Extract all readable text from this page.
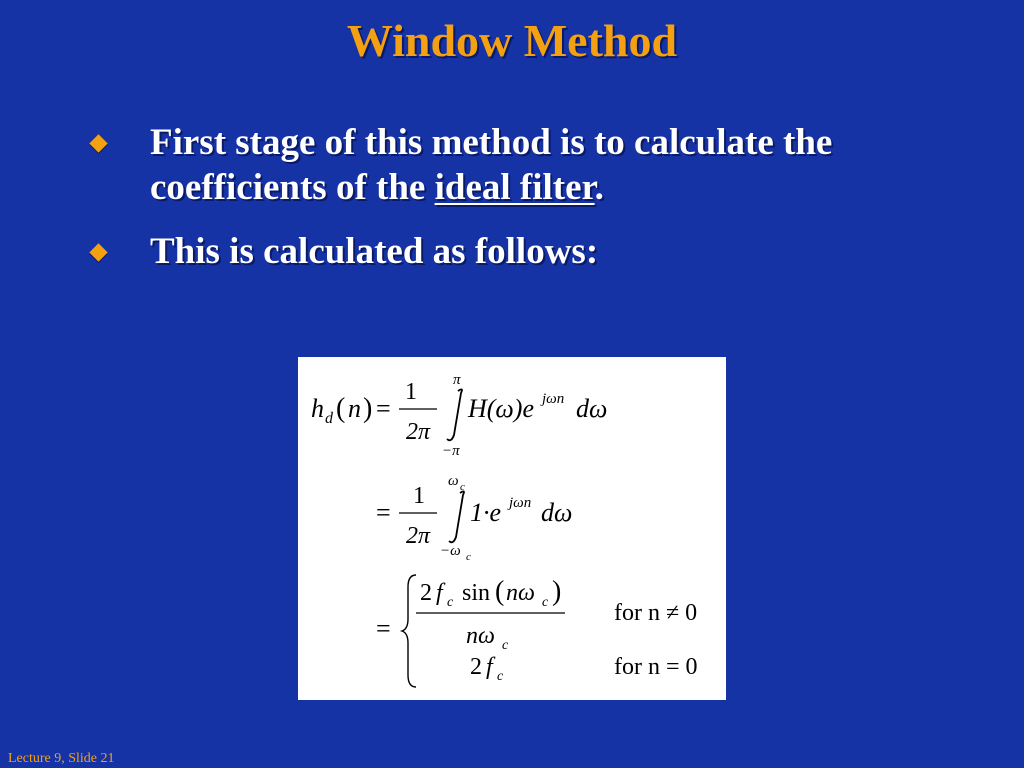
Window Method
First stage of this method is to calculate the coefficients of the ideal filter.
This is calculated as follows:
h d ( n ) =
1
2π
π
−π
H(ω)e jωn dω
=
1
2π
ω c
−ω c
1·e jωn dω
=
2 f c sin ( nω c )
nω c
for n ≠ 0
2 f c	for n = 0
Lecture 9, Slide 21
